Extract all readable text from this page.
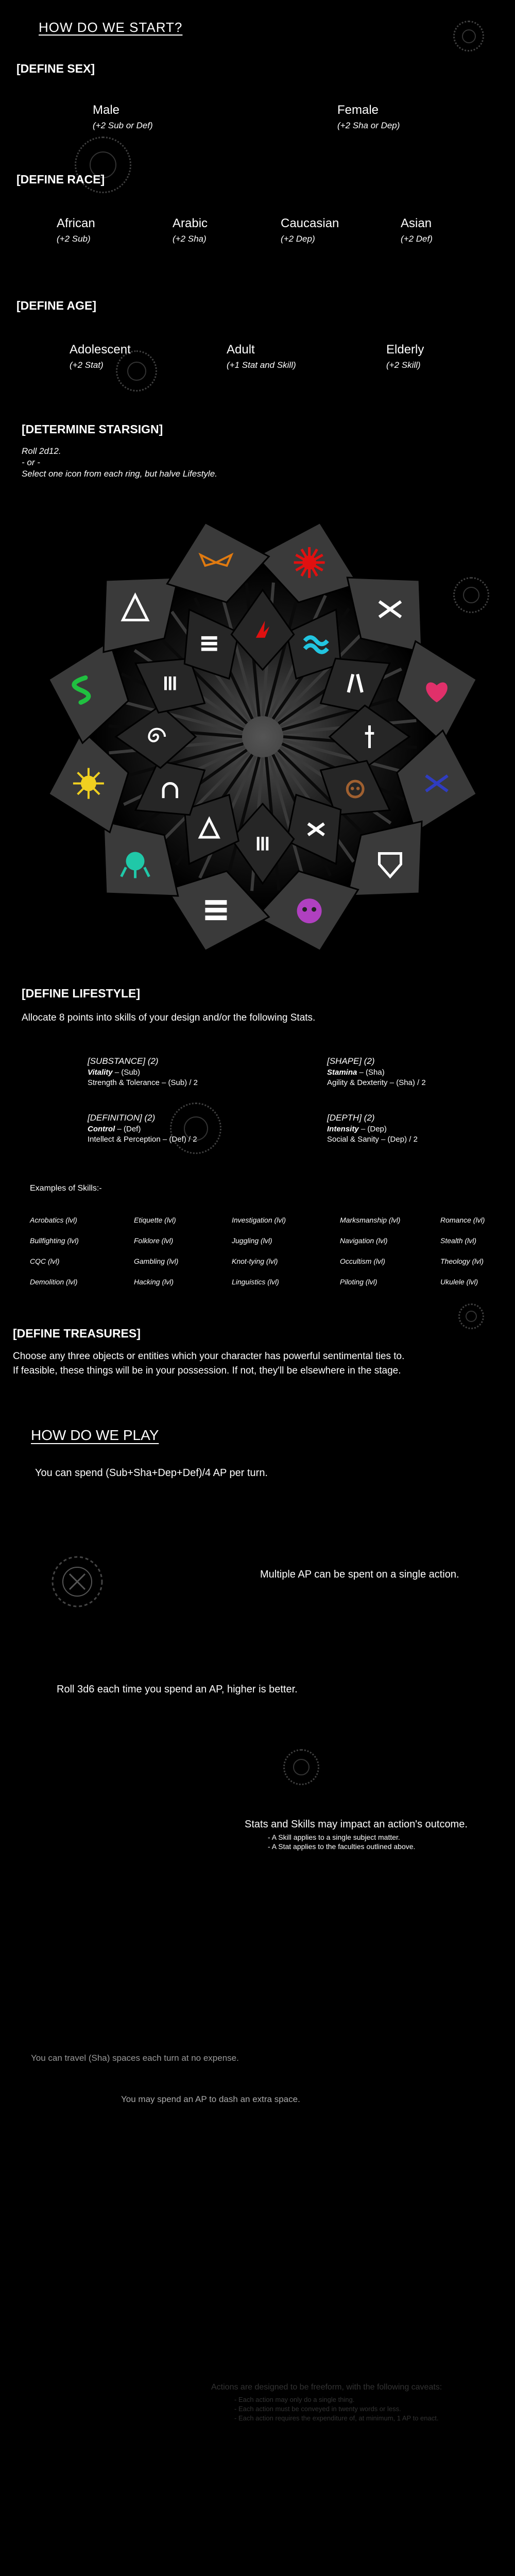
HOW DO WE START?
[DEFINE SEX]
Male
(+2 Sub or Def)
Female
(+2 Sha or Dep)
[DEFINE RACE]
African
(+2 Sub)
Arabic
(+2 Sha)
Caucasian
(+2 Dep)
Asian
(+2 Def)
[DEFINE AGE]
Adolescent
(+2 Stat)
Adult
(+1 Stat and Skill)
Elderly
(+2 Skill)
[DETERMINE STARSIGN]
Roll 2d12.
- or -
Select one icon from each ring, but halve Lifestyle.
[DEFINE LIFESTYLE]
Allocate 8 points into skills of your design and/or the following Stats.
[SUBSTANCE] (2)
Vitality – (Sub)
Strength & Tolerance – (Sub) / 2
[SHAPE] (2)
Stamina – (Sha)
Agility & Dexterity – (Sha) / 2
[DEFINITION] (2)
Control – (Def)
Intellect & Perception – (Def) / 2
[DEPTH] (2)
Intensity – (Dep)
Social & Sanity – (Dep) / 2
Examples of Skills:-
Acrobatics (lvl)	Etiquette (lvl)	Investigation (lvl)	Marksmanship (lvl)	Romance (lvl)
Bullfighting (lvl)	Folklore (lvl)	Juggling (lvl)	Navigation (lvl)	Stealth (lvl)
CQC (lvl)	Gambling (lvl)	Knot-tying (lvl)	Occultism (lvl)	Theology (lvl)
Demolition (lvl)	Hacking (lvl)	Linguistics (lvl)	Piloting (lvl)	Ukulele (lvl)
[DEFINE TREASURES]
Choose any three objects or entities which your character has powerful sentimental ties to.
If feasible, these things will be in your possession. If not, they'll be elsewhere in the stage.
HOW DO WE PLAY
You can spend (Sub+Sha+Dep+Def)/4 AP per turn.
Multiple AP can be spent on a single action.
Roll 3d6 each time you spend an AP, higher is better.
Stats and Skills may impact an action's outcome.
- A Skill applies to a single subject matter.
- A Stat applies to the faculties outlined above.
You can travel (Sha) spaces each turn at no expense.
You may spend an AP to dash an extra space.
Actions are designed to be freeform, with the following caveats:
- Each action may only do a single thing.
- Each action must be conveyed in twenty words or less.
- Each action requires the expenditure of, at minimum, 1 AP to enact.
